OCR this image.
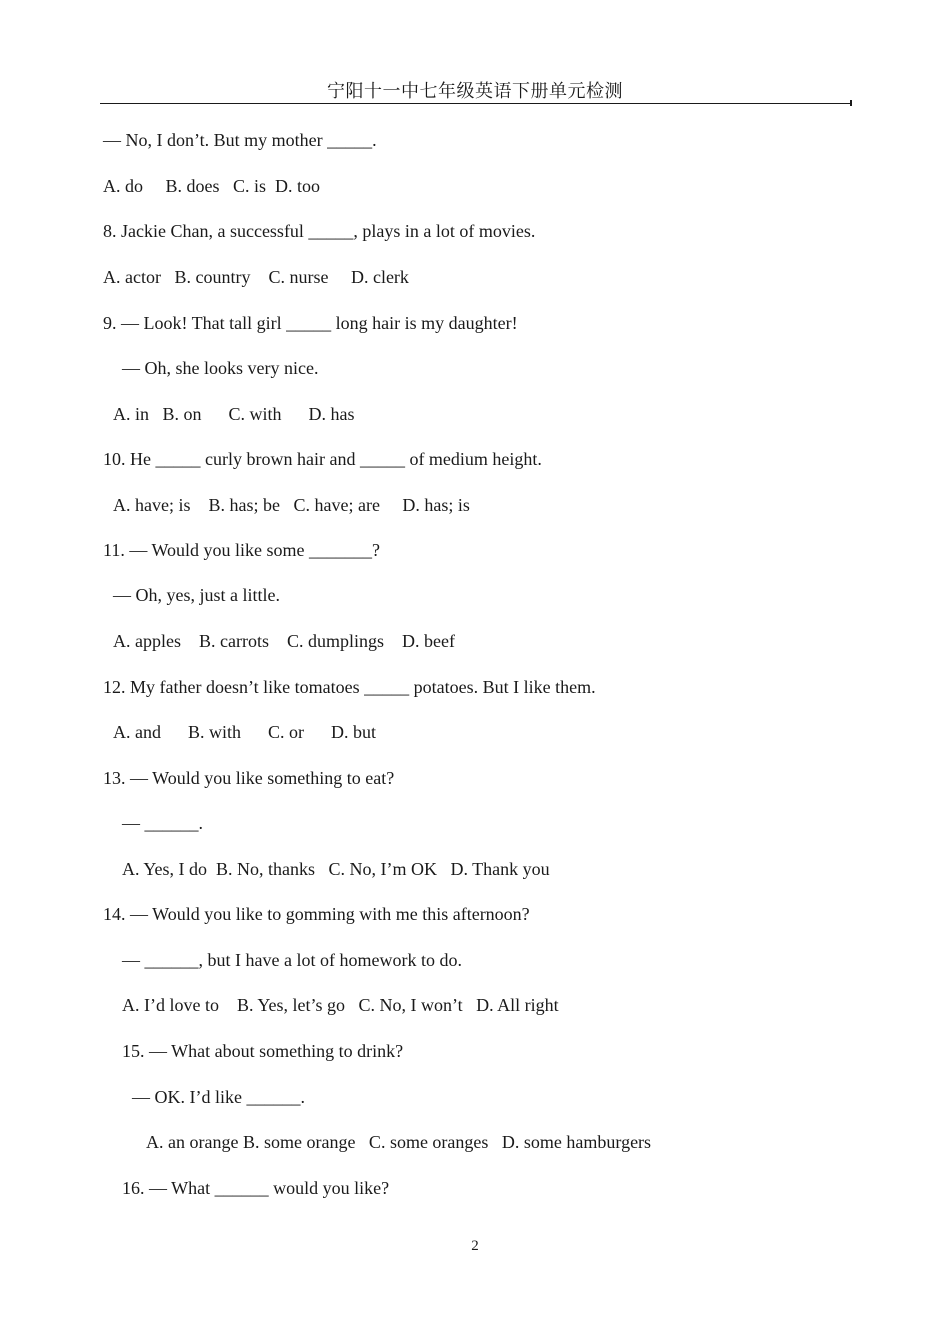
宁阳十一中七年级英语下册单元检测
— No, I don’t. But my mother _____.
A. do     B. does   C. is  D. too
8. Jackie Chan, a successful _____, plays in a lot of movies.
A. actor   B. country    C. nurse     D. clerk
9. — Look! That tall girl _____ long hair is my daughter!
— Oh, she looks very nice.
A. in   B. on      C. with      D. has
10. He _____ curly brown hair and _____ of medium height.
A. have; is    B. has; be   C. have; are     D. has; is
11. — Would you like some _______?
— Oh, yes, just a little.
A. apples    B. carrots    C. dumplings    D. beef
12. My father doesn’t like tomatoes _____ potatoes. But I like them.
A. and      B. with      C. or      D. but
13. — Would you like something to eat?
— ______.
A. Yes, I do  B. No, thanks   C. No, I’m OK   D. Thank you
14. — Would you like to gomming with me this afternoon?
— ______, but I have a lot of homework to do.
A. I’d love to    B. Yes, let’s go   C. No, I won’t   D. All right
15. — What about something to drink?
— OK. I’d like ______.
A. an orange B. some orange   C. some oranges   D. some hamburgers
16. — What ______ would you like?
2
